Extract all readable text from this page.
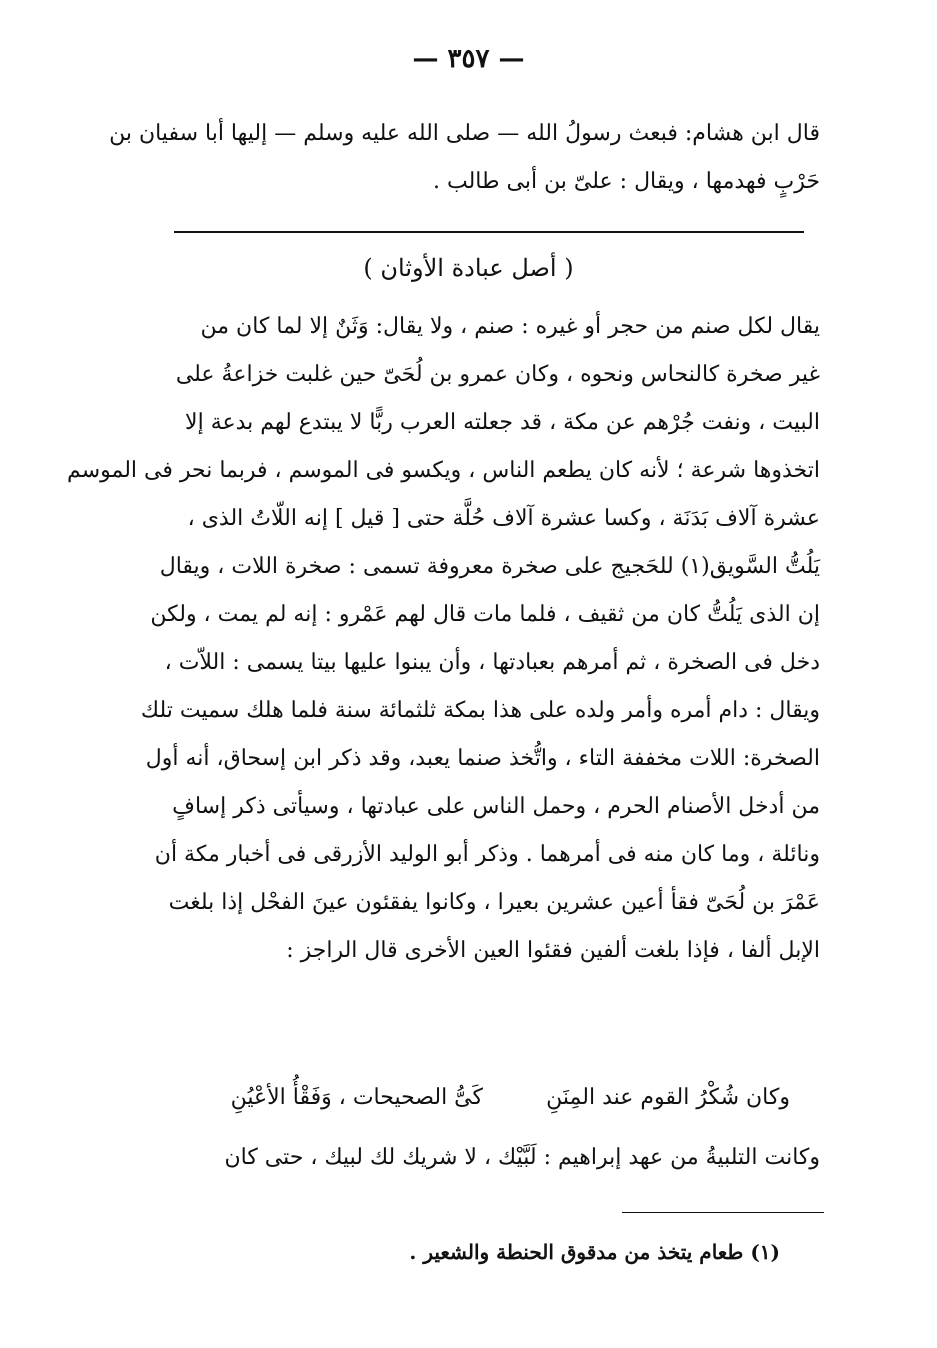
— ٣٥٧ —
قال ابن هشام: فبعث رسولُ الله — صلى الله عليه وسلم — إليها أبا سفيان بن
حَرْبٍ فهدمها ، ويقال : علىّ بن أبى طالب .
( أصل عبادة الأوثان )
يقال لكل صنم من حجر أو غيره : صنم ، ولا يقال: وَثَنٌ إلا لما كان من
غير صخرة كالنحاس ونحوه ، وكان عمرو بن لُحَىّ حين غلبت خزاعةُ على
البيت ، ونفت جُرْهم عن مكة ، قد جعلته العرب ربًّا لا يبتدع لهم بدعة إلا
اتخذوها شرعة ؛ لأنه كان يطعم الناس ، ويكسو فى الموسم ، فربما نحر فى الموسم
عشرة آلاف بَدَنَة ، وكسا عشرة آلاف حُلَّة حتى [ قيل ] إنه اللّاتُ الذى ،
يَلُتُّ السَّويق(١) للحَجيج على صخرة معروفة تسمى : صخرة اللات ، ويقال
إن الذى يَلُتُّ كان من ثقيف ، فلما مات قال لهم عَمْرو : إنه لم يمت ، ولكن
دخل فى الصخرة ، ثم أمرهم بعبادتها ، وأن يبنوا عليها بيتا يسمى : اللاّت ،
ويقال : دام أمره وأمر ولده على هذا بمكة ثلثمائة سنة فلما هلك سميت تلك
الصخرة: اللات مخففة التاء ، واتُّخذ صنما يعبد، وقد ذكر ابن إسحاق، أنه أول
من أدخل الأصنام الحرم ، وحمل الناس على عبادتها ، وسيأتى ذكر إسافٍ
ونائلة ، وما كان منه فى أمرهما . وذكر أبو الوليد الأزرقى فى أخبار مكة أن
عَمْرَ بن لُحَىّ فقأ أعين عشرين بعيرا ، وكانوا يفقئون عينَ الفحْل إذا بلغت
الإبل ألفا ، فإذا بلغت ألفين فقئوا العين الأخرى قال الراجز :
وكان شُكْرُ القوم عند المِنَنِ كَىُّ الصحيحات ، وَفَقْأُ الأعْيُنِ
وكانت التلبيةُ من عهد إبراهيم : لَبَّيْك ، لا شريك لك لبيك ، حتى كان
(١) طعام يتخذ من مدقوق الحنطة والشعير .
